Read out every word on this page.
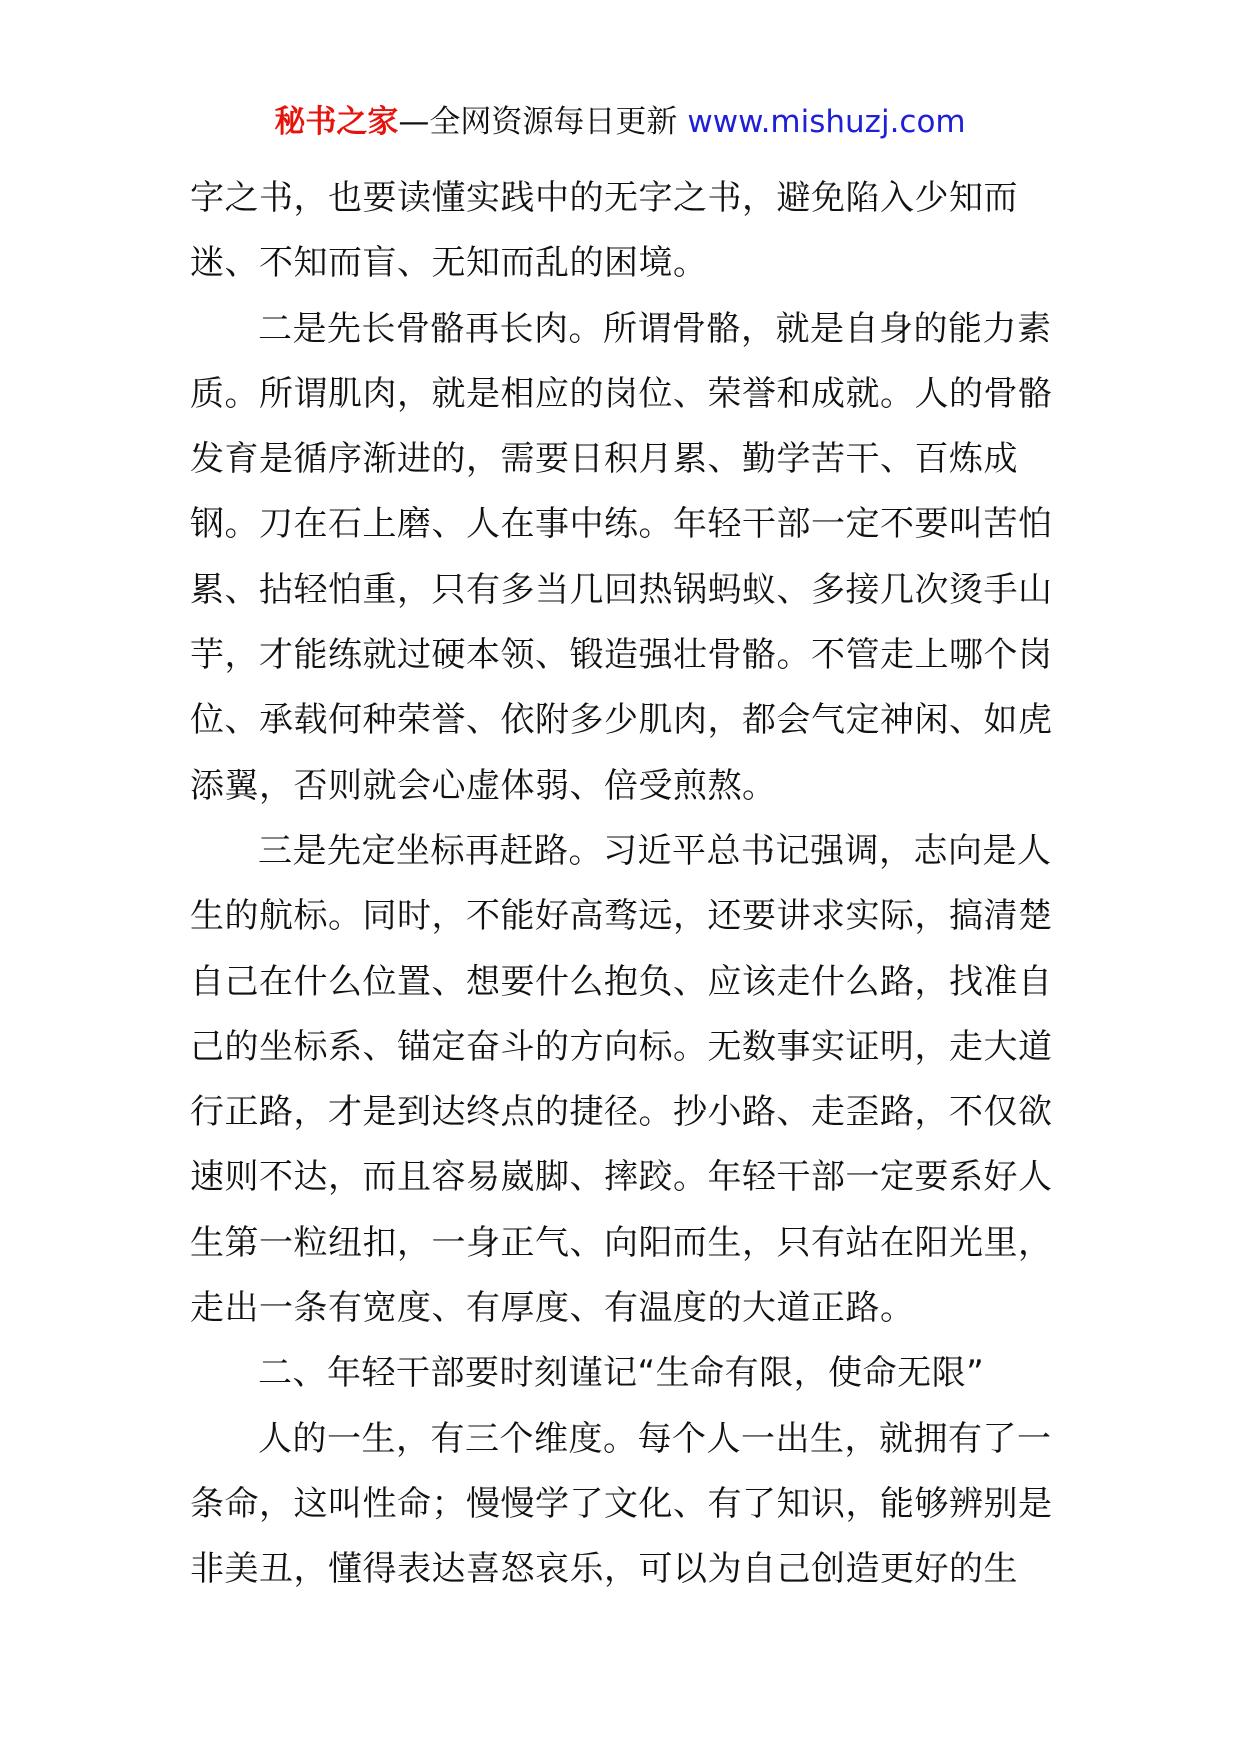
秘书之家—全网资源每日更新 www.mishuzj.com
字之书，也要读懂实践中的无字之书，避免陷入少知而
迷、不知而盲、无知而乱的困境。
二是先长骨骼再长肉。所谓骨骼，就是自身的能力素
质。所谓肌肉，就是相应的岗位、荣誉和成就。人的骨骼
发育是循序渐进的，需要日积月累、勤学苦干、百炼成
钢。刀在石上磨、人在事中练。年轻干部一定不要叫苦怕
累、拈轻怕重，只有多当几回热锅蚂蚁、多接几次烫手山
芋，才能练就过硬本领、锻造强壮骨骼。不管走上哪个岗
位、承载何种荣誉、依附多少肌肉，都会气定神闲、如虎
添翼，否则就会心虚体弱、倍受煎熬。
三是先定坐标再赶路。习近平总书记强调，志向是人
生的航标。同时，不能好高骛远，还要讲求实际，搞清楚
自己在什么位置、想要什么抱负、应该走什么路，找准自
己的坐标系、锚定奋斗的方向标。无数事实证明，走大道
行正路，才是到达终点的捷径。抄小路、走歪路，不仅欲
速则不达，而且容易崴脚、摔跤。年轻干部一定要系好人
生第一粒纽扣，一身正气、向阳而生，只有站在阳光里，
走出一条有宽度、有厚度、有温度的大道正路。
二、年轻干部要时刻谨记“生命有限，使命无限”
人的一生，有三个维度。每个人一出生，就拥有了一
条命，这叫性命；慢慢学了文化、有了知识，能够辨别是
非美丑，懂得表达喜怒哀乐，可以为自己创造更好的生
